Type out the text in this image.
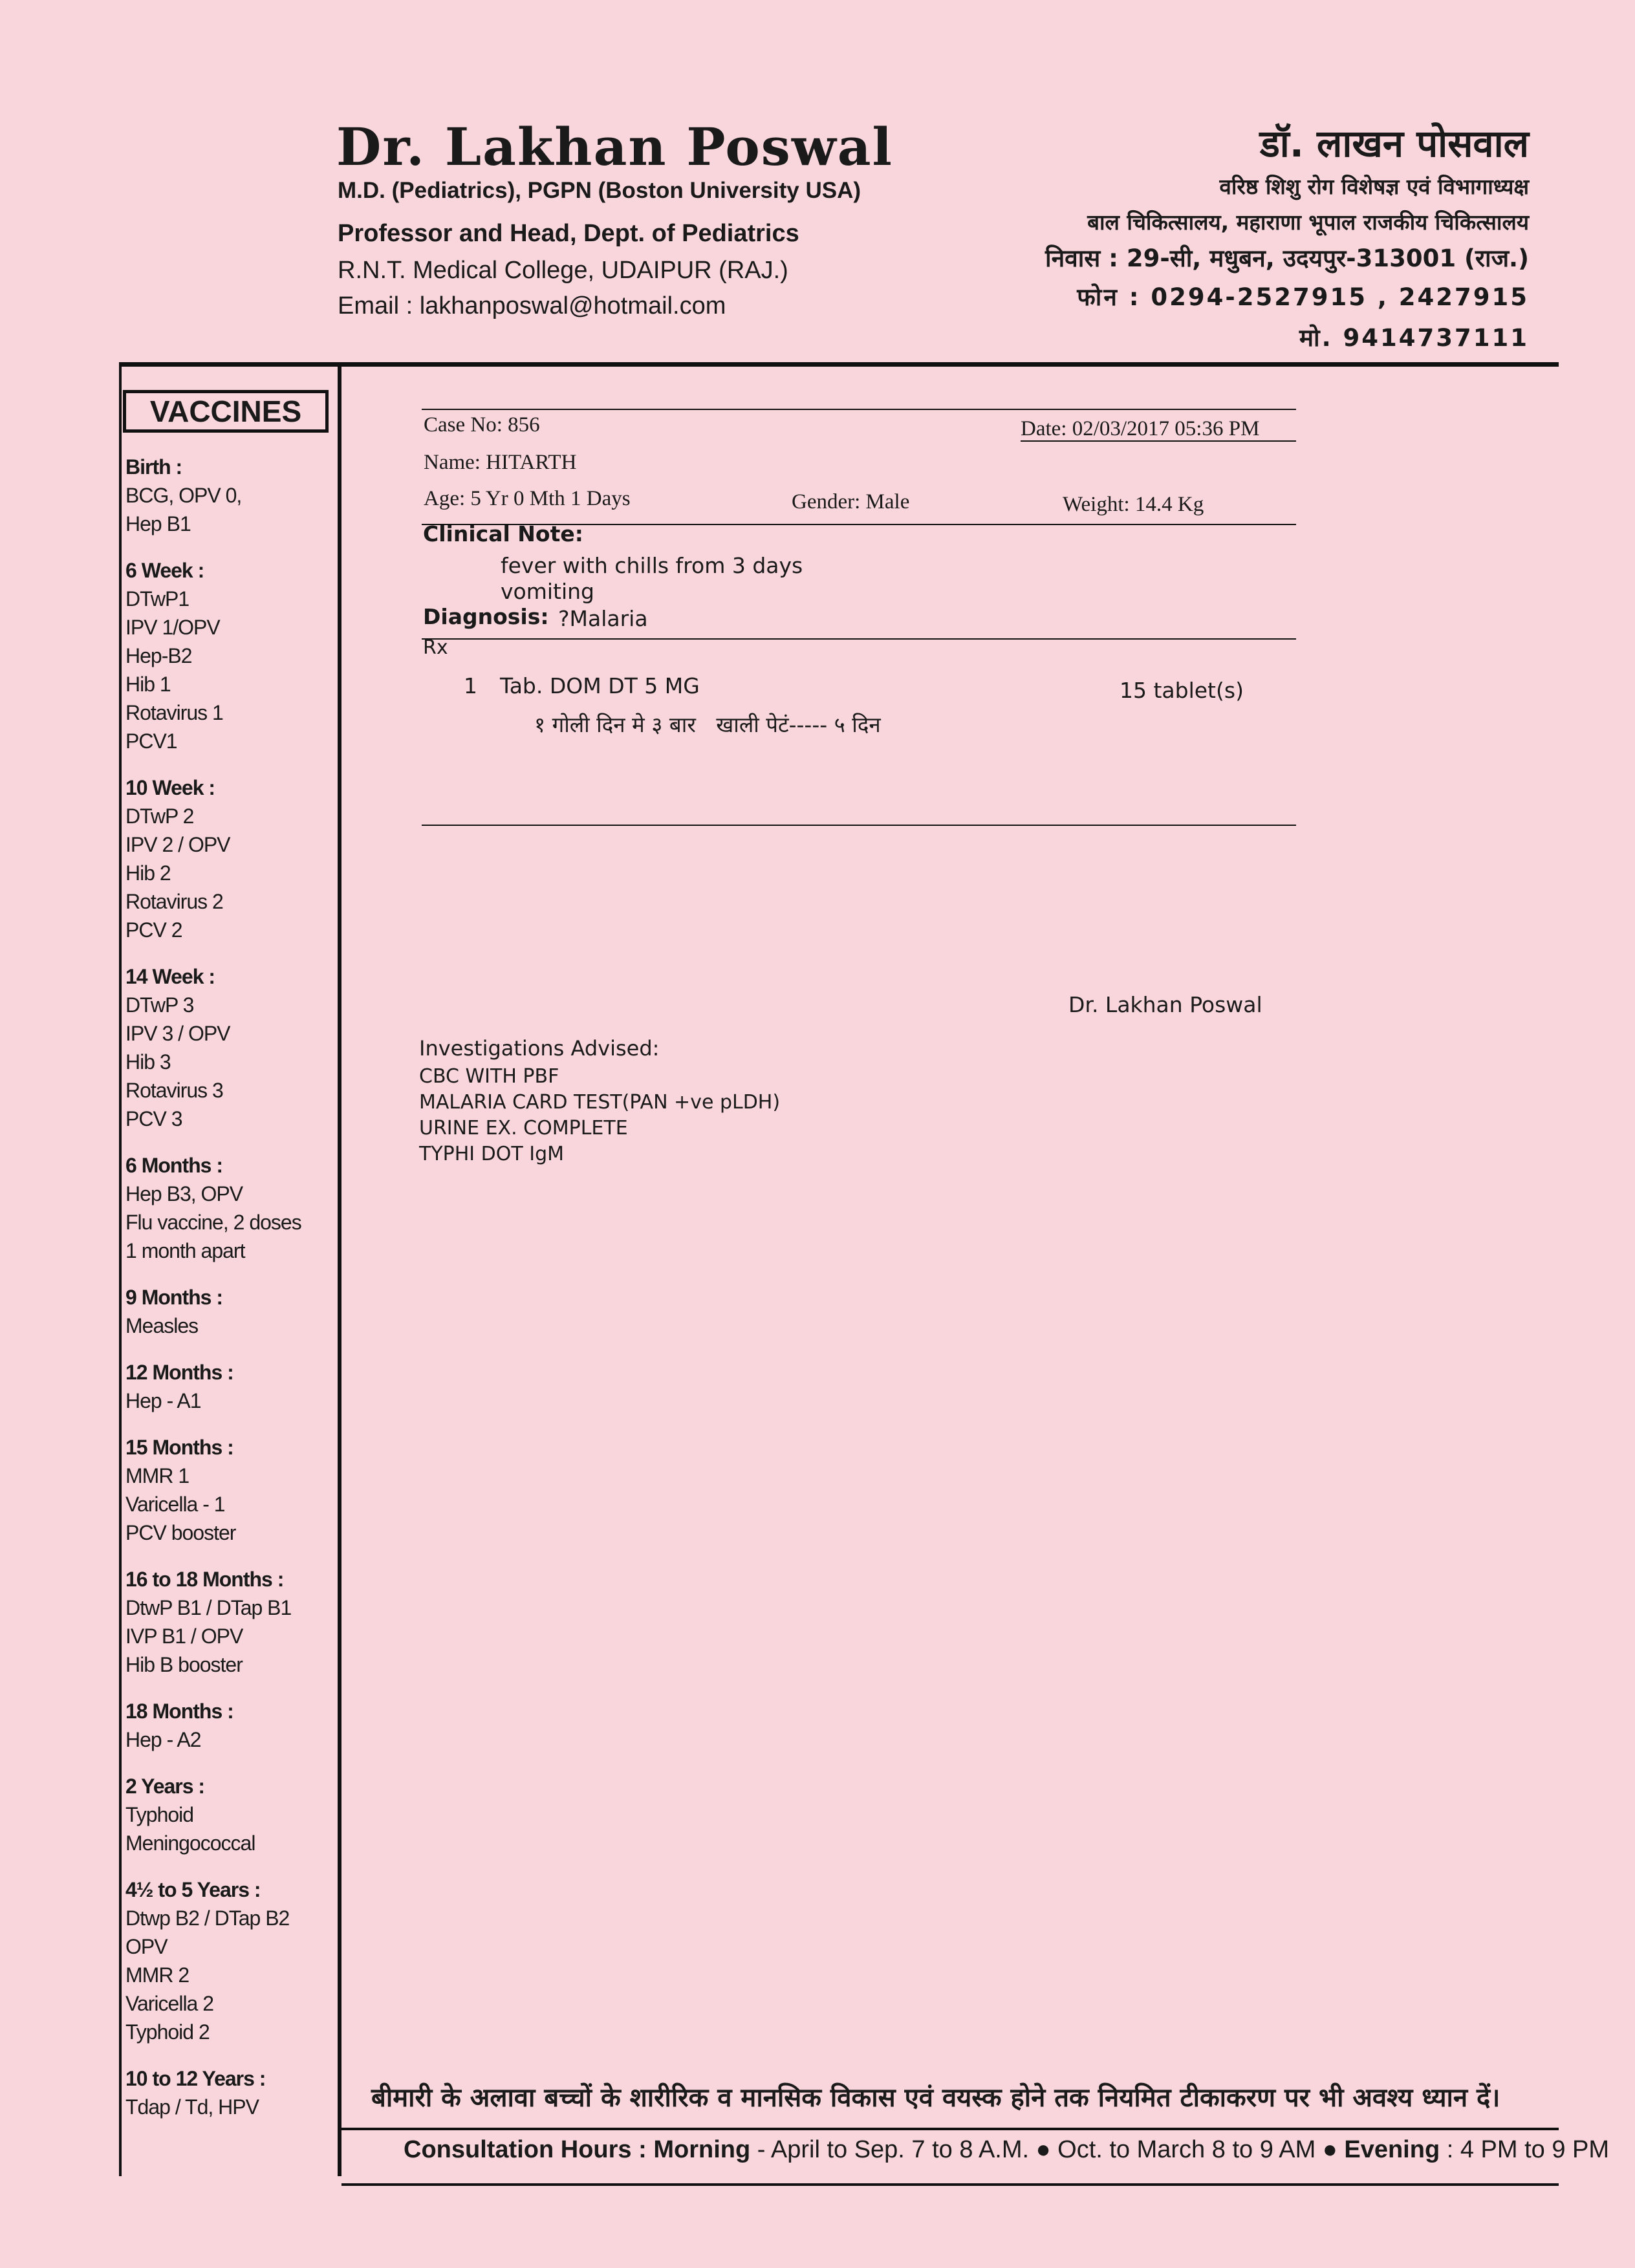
Dr. Lakhan Poswal
M.D. (Pediatrics), PGPN (Boston University USA)
Professor and Head, Dept. of Pediatrics
R.N.T. Medical College, UDAIPUR (RAJ.)
Email : lakhanposwal@hotmail.com
डॉ. लाखन पोसवाल
वरिष्ठ शिशु रोग विशेषज्ञ एवं विभागाध्यक्ष
बाल चिकित्सालय, महाराणा भूपाल राजकीय चिकित्सालय
निवास : 29-सी, मधुबन, उदयपुर-313001 (राज.)
फोन : 0294-2527915 , 2427915
मो. 9414737111
VACCINES
Birth :
BCG, OPV 0,
Hep B1
6 Week :
DTwP1
IPV 1/OPV
Hep-B2
Hib 1
Rotavirus 1
PCV1
10 Week :
DTwP 2
IPV 2 / OPV
Hib 2
Rotavirus 2
PCV 2
14 Week :
DTwP 3
IPV 3 / OPV
Hib 3
Rotavirus 3
PCV 3
6 Months :
Hep B3, OPV
Flu vaccine, 2 doses
1 month apart
9 Months :
Measles
12 Months :
Hep - A1
15 Months :
MMR 1
Varicella - 1
PCV booster
16 to 18 Months :
DtwP B1 / DTap B1
IVP B1 / OPV
Hib B booster
18 Months :
Hep - A2
2 Years :
Typhoid
Meningococcal
4½ to 5 Years :
Dtwp B2 / DTap B2
OPV
MMR 2
Varicella 2
Typhoid 2
10 to 12 Years :
Tdap / Td, HPV
Case No: 856	Date: 02/03/2017 05:36 PM
Name: HITARTH
Age: 5 Yr 0 Mth 1 Days	Gender: Male	Weight: 14.4 Kg
Clinical Note:
fever with chills from 3 days
vomiting
Diagnosis: ?Malaria
Rx
1 Tab. DOM DT 5 MG	15 tablet(s)
१ गोली दिन मे ३ बार   खाली पेटं----- ५ दिन
Dr. Lakhan Poswal
Investigations Advised:
CBC WITH PBF
MALARIA CARD TEST(PAN +ve pLDH)
URINE EX. COMPLETE
TYPHI DOT IgM
बीमारी के अलावा बच्चों के शारीरिक व मानसिक विकास एवं वयस्क होने तक नियमित टीकाकरण पर भी अवश्य ध्यान दें।
Consultation Hours : Morning - April to Sep. 7 to 8 A.M. ● Oct. to March 8 to 9 AM ● Evening : 4 PM to 9 PM
